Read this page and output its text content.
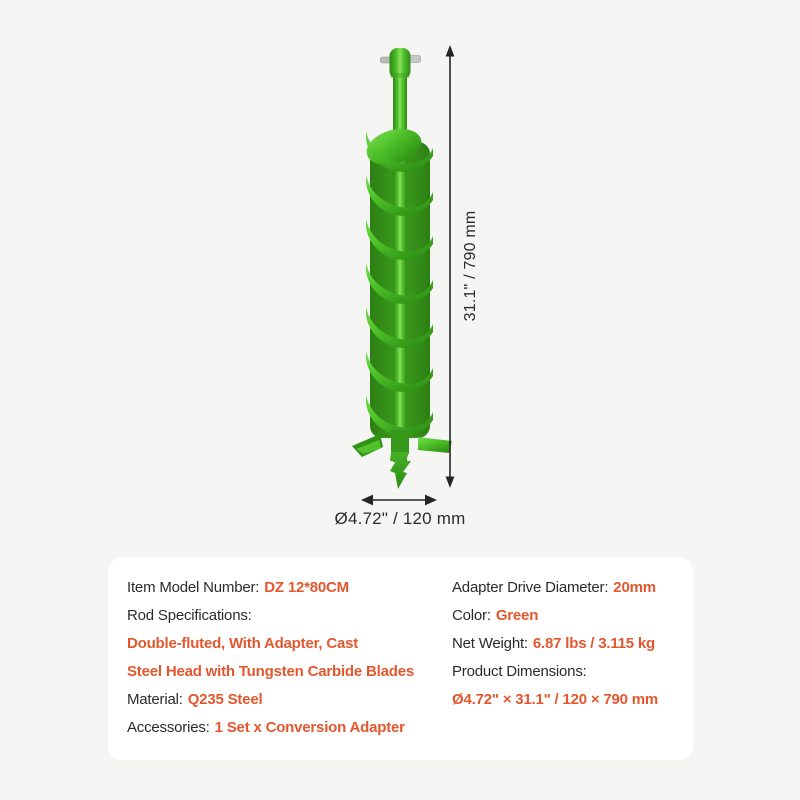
31.1" / 790 mm
Ø4.72" / 120 mm
Item Model Number: DZ 12*80CM
Rod Specifications:
Double-fluted, With Adapter, Cast
Steel Head with Tungsten Carbide Blades
Material: Q235 Steel
Accessories: 1 Set x Conversion Adapter
Adapter Drive Diameter: 20mm
Color: Green
Net Weight: 6.87 lbs / 3.115 kg
Product Dimensions:
Ø4.72" × 31.1" / 120 × 790 mm
